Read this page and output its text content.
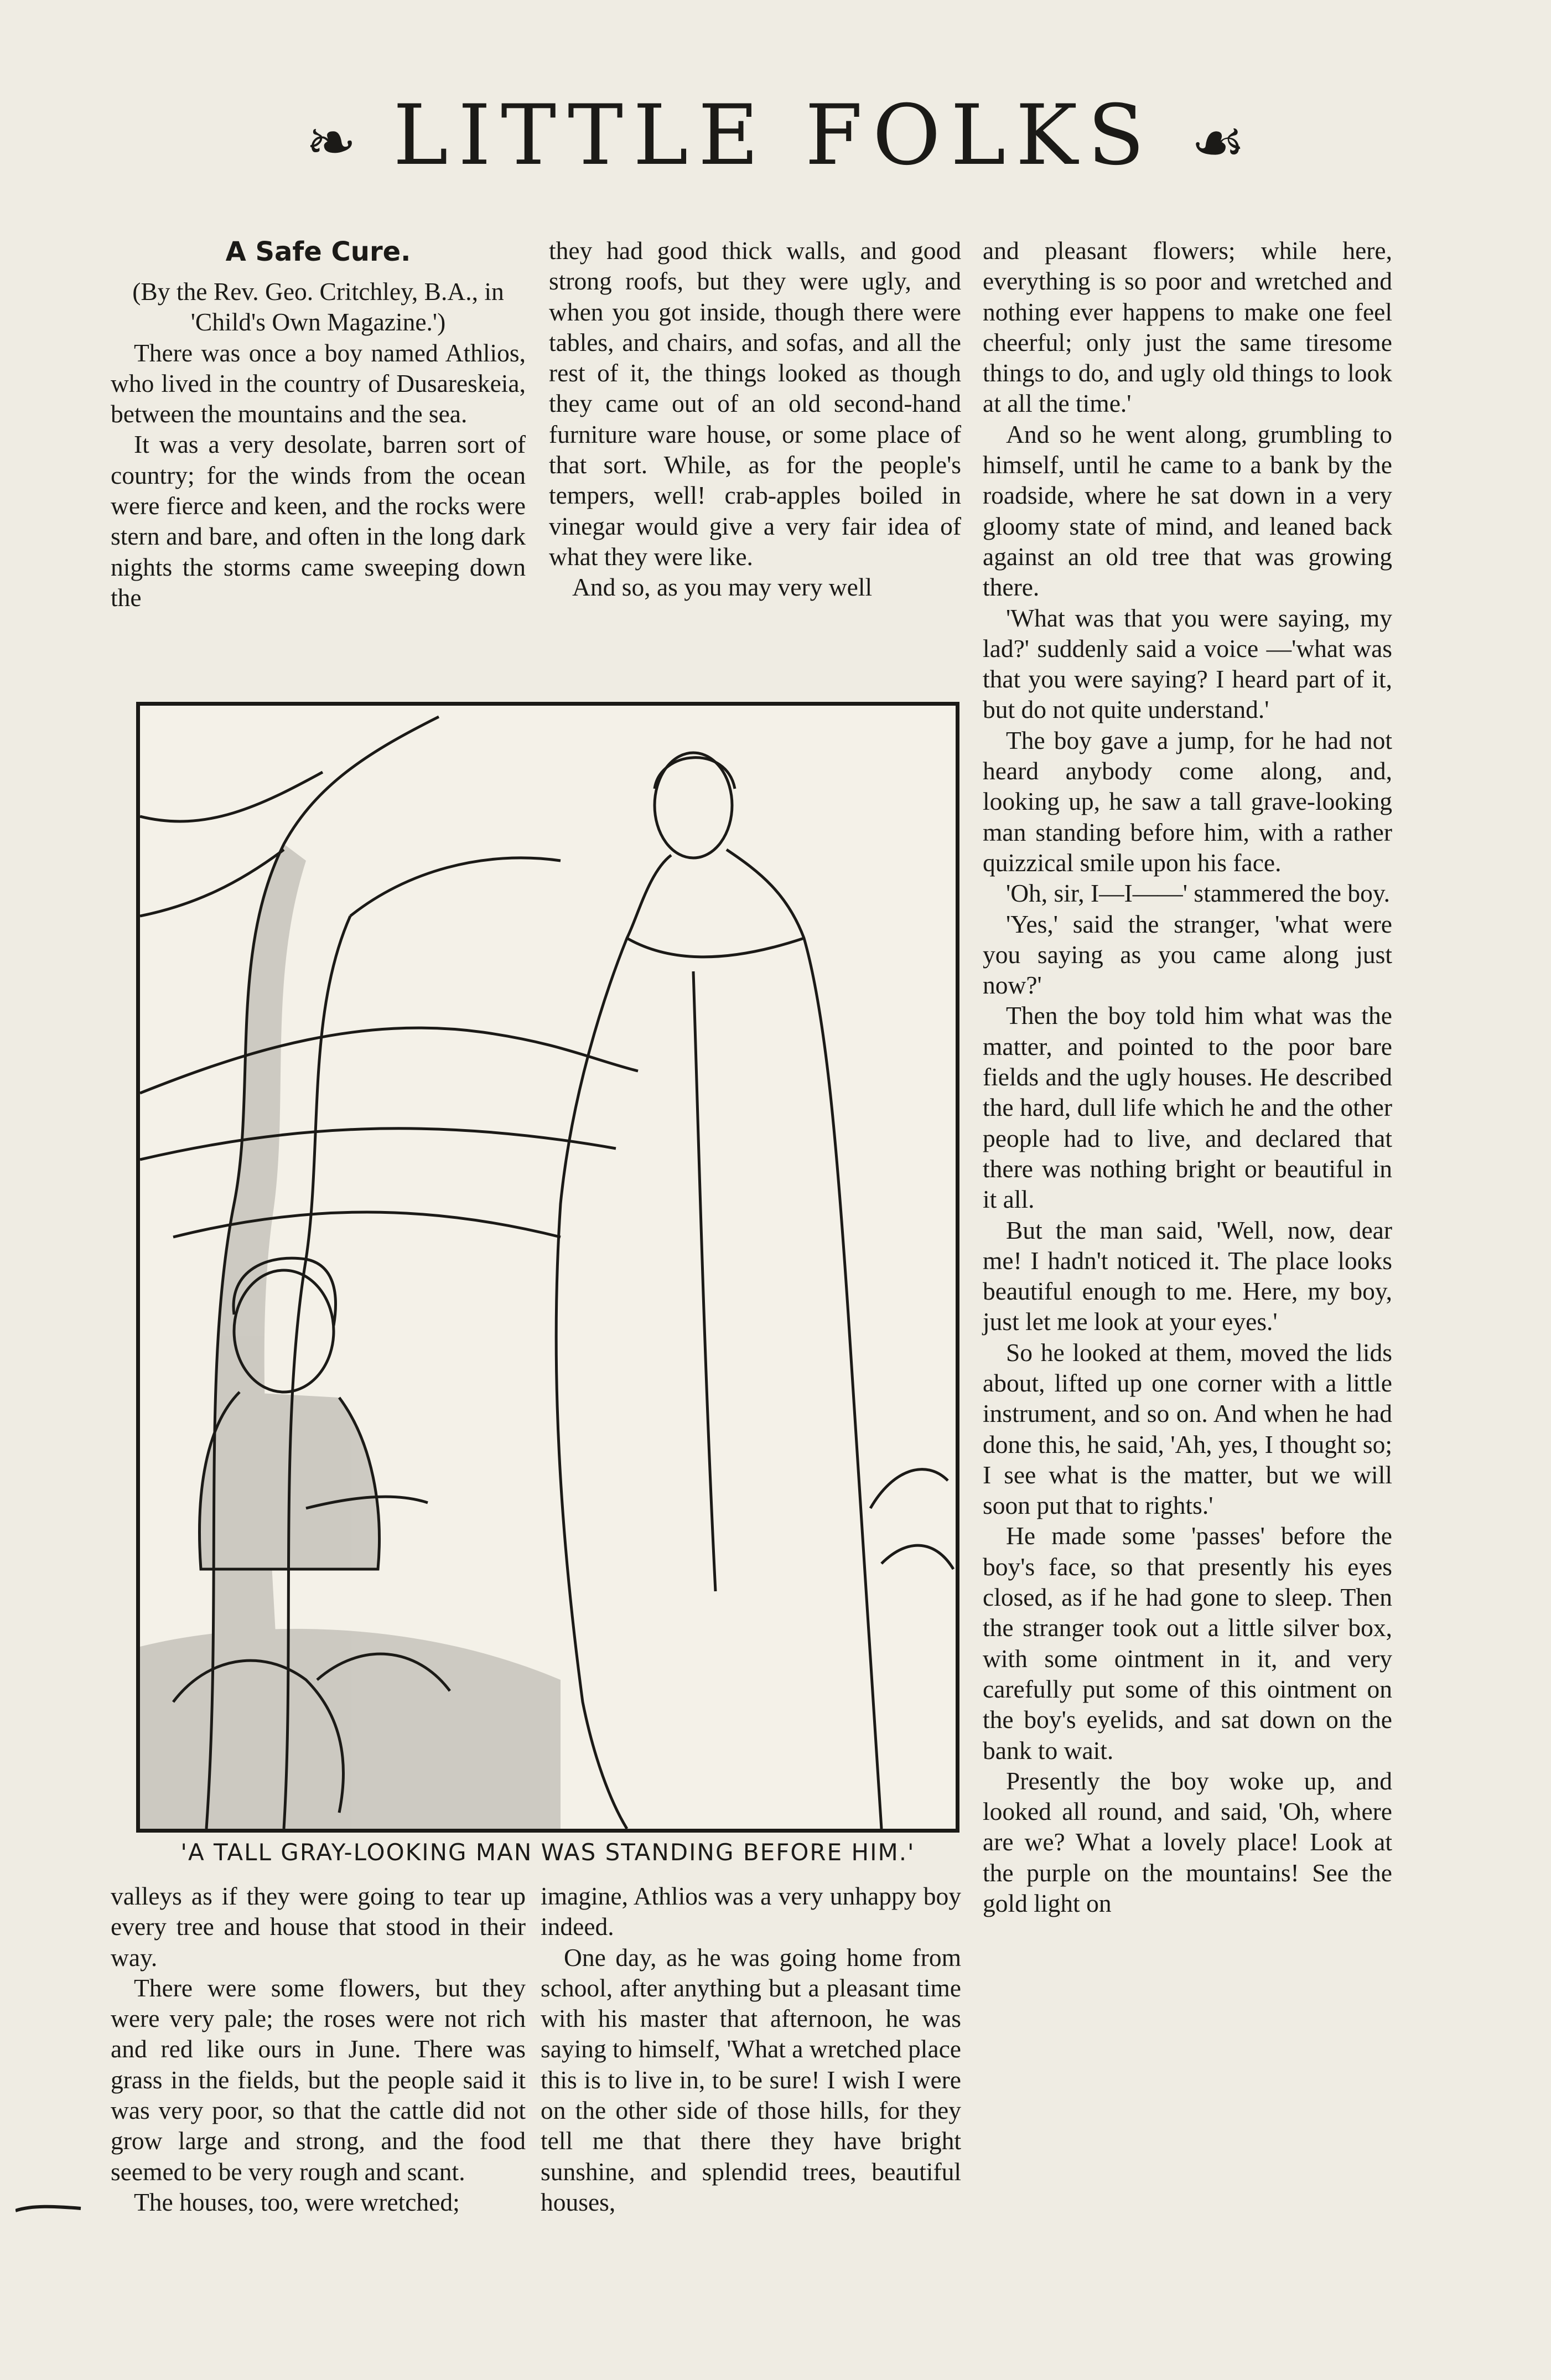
❧ LITTLE FOLKS ☙
A Safe Cure.

(By the Rev. Geo. Critchley, B.A., in 'Child's Own Magazine.')

There was once a boy named Athlios, who lived in the country of Dusareskeia, between the mountains and the sea.

It was a very desolate, barren sort of country; for the winds from the ocean were fierce and keen, and the rocks were stern and bare, and often in the long dark nights the storms came sweeping down the

they had good thick walls, and good strong roofs, but they were ugly, and when you got inside, though there were tables, and chairs, and sofas, and all the rest of it, the things looked as though they came out of an old second-hand furniture ware house, or some place of that sort. While, as for the people's tempers, well! crab-apples boiled in vinegar would give a very fair idea of what they were like.

And so, as you may very well

and pleasant flowers; while here, everything is so poor and wretched and nothing ever happens to make one feel cheerful; only just the same tiresome things to do, and ugly old things to look at all the time.'

And so he went along, grumbling to himself, until he came to a bank by the roadside, where he sat down in a very gloomy state of mind, and leaned back against an old tree that was growing there.

'What was that you were saying, my lad?' suddenly said a voice —'what was that you were saying? I heard part of it, but do not quite understand.'

The boy gave a jump, for he had not heard anybody come along, and, looking up, he saw a tall grave-looking man standing before him, with a rather quizzical smile upon his face.

'Oh, sir, I—I——' stammered the boy.

'Yes,' said the stranger, 'what were you saying as you came along just now?'

Then the boy told him what was the matter, and pointed to the poor bare fields and the ugly houses. He described the hard, dull life which he and the other people had to live, and declared that there was nothing bright or beautiful in it all.

But the man said, 'Well, now, dear me! I hadn't noticed it. The place looks beautiful enough to me. Here, my boy, just let me look at your eyes.'

So he looked at them, moved the lids about, lifted up one corner with a little instrument, and so on. And when he had done this, he said, 'Ah, yes, I thought so; I see what is the matter, but we will soon put that to rights.'

He made some 'passes' before the boy's face, so that presently his eyes closed, as if he had gone to sleep. Then the stranger took out a little silver box, with some ointment in it, and very carefully put some of this ointment on the boy's eyelids, and sat down on the bank to wait.

Presently the boy woke up, and looked all round, and said, 'Oh, where are we? What a lovely place! Look at the purple on the mountains! See the gold light on

'A TALL GRAY-LOOKING MAN WAS STANDING BEFORE HIM.'

valleys as if they were going to tear up every tree and house that stood in their way.

There were some flowers, but they were very pale; the roses were not rich and red like ours in June. There was grass in the fields, but the people said it was very poor, so that the cattle did not grow large and strong, and the food seemed to be very rough and scant.

The houses, too, were wretched;

imagine, Athlios was a very unhappy boy indeed.

One day, as he was going home from school, after anything but a pleasant time with his master that afternoon, he was saying to himself, 'What a wretched place this is to live in, to be sure! I wish I were on the other side of those hills, for they tell me that there they have bright sunshine, and splendid trees, beautiful houses,
